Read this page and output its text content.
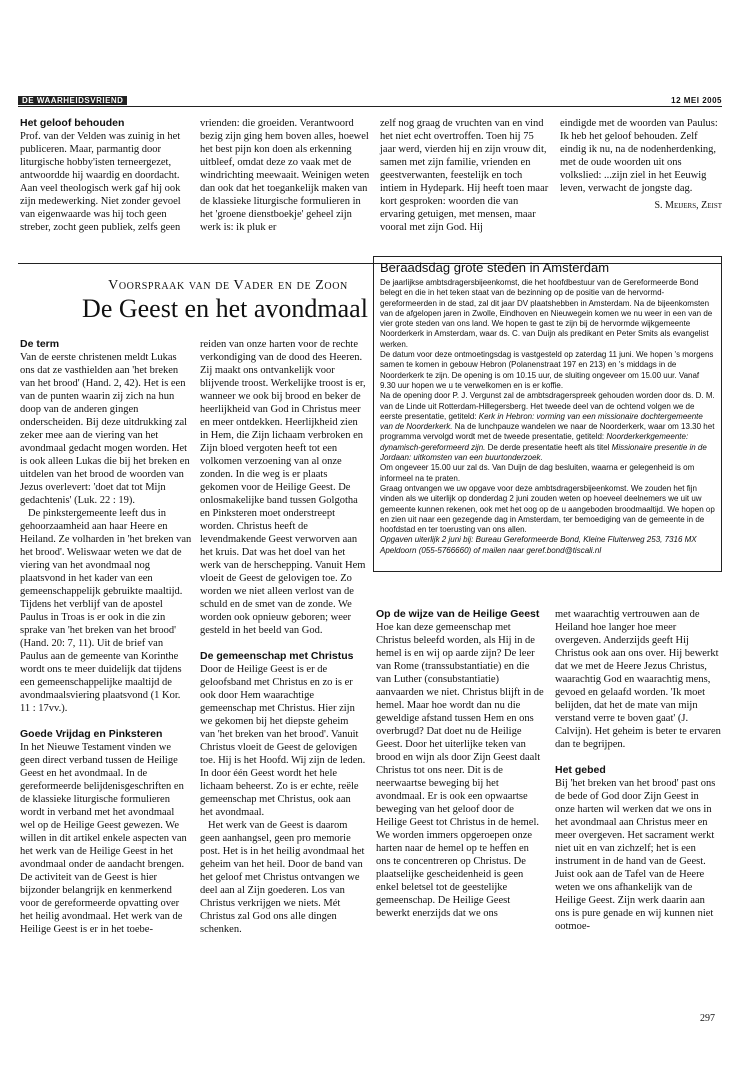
DE WAARHEIDSVRIEND	12 MEI 2005
Het geloof behouden

Prof. van der Velden was zuinig in het publiceren. Maar, parmantig door liturgische hobby'isten terneergezet, antwoordde hij waardig en doordacht. Aan veel theologisch werk gaf hij ook zijn medewerking. Niet zonder gevoel van eigenwaarde was hij toch geen streber, zocht geen publiek, zelfs geen

vrienden: die groeiden. Verantwoord bezig zijn ging hem boven alles, hoewel het best pijn kon doen als erkenning uitbleef, omdat deze zo vaak met de windrichting meewaait. Weinigen weten dan ook dat het toegankelijk maken van de klassieke liturgische formulieren in het 'groene dienstboekje' geheel zijn werk is: ik pluk er

zelf nog graag de vruchten van en vind het niet echt overtroffen. Toen hij 75 jaar werd, vierden hij en zijn vrouw dit, samen met zijn familie, vrienden en geestverwanten, feestelijk en toch intiem in Hydepark. Hij heeft toen maar kort gesproken: woorden die van ervaring getuigen, met mensen, maar vooral met zijn God. Hij

eindigde met de woorden van Paulus: Ik heb het geloof behouden. Zelf eindig ik nu, na de nodenherdenking, met de oude woorden uit ons volkslied: ...zijn ziel in het Eeuwig leven, verwacht de jongste dag.

S. Meijers, Zeist

Voorspraak van de Vader en de Zoon
De Geest en het avondmaal
De term

Van de eerste christenen meldt Lukas ons dat ze vasthielden aan 'het breken van het brood' (Hand. 2, 42). Het is een van de punten waarin zij zich na hun doop van de anderen gingen onderscheiden. Bij deze uitdrukking zal zeker mee aan de viering van het avondmaal gedacht mogen worden. Het is ook alleen Lukas die bij het breken en uitdelen van het brood de woorden van Jezus overlevert: 'doet dat tot Mijn gedachtenis' (Luk. 22 : 19).

De pinkstergemeente leeft dus in gehoorzaamheid aan haar Heere en Heiland. Ze volharden in 'het breken van het brood'. Weliswaar weten we dat de viering van het avondmaal nog plaatsvond in het kader van een gemeenschappelijk gebruikte maaltijd. Tijdens het verblijf van de apostel Paulus in Troas is er ook in die zin sprake van 'het breken van het brood' (Hand. 20: 7, 11). Uit de brief van Paulus aan de gemeente van Korinthe wordt ons te meer duidelijk dat tijdens een gemeenschappelijke maaltijd de avondmaalsviering plaatsvond (1 Kor. 11 : 17vv.).

Goede Vrijdag en Pinksteren

In het Nieuwe Testament vinden we geen direct verband tussen de Heilige Geest en het avondmaal. In de gereformeerde belijdenisgeschriften en de klassieke liturgische formulieren wordt in verband met het avondmaal wel op de Heilige Geest gewezen. We willen in dit artikel enkele aspecten van het werk van de Heilige Geest in het avondmaal onder de aandacht brengen. De activiteit van de Geest is hier bijzonder belangrijk en kenmerkend voor de gereformeerde opvatting over het heilig avondmaal. Het werk van de Heilige Geest is er in het toebe-

reiden van onze harten voor de rechte verkondiging van de dood des Heeren. Zij maakt ons ontvankelijk voor blijvende troost. Werkelijke troost is er, wanneer we ook bij brood en beker de heerlijkheid van God in Christus meer en meer ontdekken. Heerlijkheid zien in Hem, die Zijn lichaam verbroken en Zijn bloed vergoten heeft tot een volkomen verzoening van al onze zonden. In die weg is er plaats gekomen voor de Heilige Geest. De onlosmakelijke band tussen Golgotha en Pinksteren moet onderstreept worden. Christus heeft de levendmakende Geest verworven aan het kruis. Dat was het doel van het werk van de herschepping. Vanuit Hem vloeit de Geest de gelovigen toe. Zo worden we niet alleen verlost van de schuld en de smet van de zonde. We worden ook opnieuw geboren; weer gesteld in het beeld van God.

De gemeenschap met Christus

Door de Heilige Geest is er de geloofsband met Christus en zo is er ook door Hem waarachtige gemeenschap met Christus. Hier zijn we gekomen bij het diepste geheim van 'het breken van het brood'. Vanuit Christus vloeit de Geest de gelovigen toe. Hij is het Hoofd. Wij zijn de leden. In door één Geest wordt het hele lichaam beheerst. Zo is er echte, reële gemeenschap met Christus, ook aan het avondmaal.

Het werk van de Geest is daarom geen aanhangsel, geen pro memorie post. Het is in het heilig avondmaal het geheim van het heil. Door de band van het geloof met Christus ontvangen we deel aan al Zijn goederen. Los van Christus verkrijgen we niets. Mét Christus zal God ons alle dingen schenken.

Op de wijze van de Heilige Geest

Hoe kan deze gemeenschap met Christus beleefd worden, als Hij in de hemel is en wij op aarde zijn? De leer van Rome (transsubstantiatie) en die van Luther (consubstantiatie) aanvaarden we niet. Christus blijft in de hemel. Maar hoe wordt dan nu die geweldige afstand tussen Hem en ons overbrugd? Dat doet nu de Heilige Geest. Door het uiterlijke teken van brood en wijn als door Zijn Geest daalt Christus tot ons neer. Dit is de neerwaartse beweging bij het avondmaal. Er is ook een opwaartse beweging van het geloof door de Heilige Geest tot Christus in de hemel. We worden immers opgeroepen onze harten naar de hemel op te heffen en ons te concentreren op Christus. De plaatselijke gescheidenheid is geen enkel beletsel tot de geestelijke gemeenschap. De Heilige Geest bewerkt enerzijds dat we ons

met waarachtig vertrouwen aan de Heiland hoe langer hoe meer overgeven. Anderzijds geeft Hij Christus ook aan ons over. Hij bewerkt dat we met de Heere Jezus Christus, waarachtig God en waarachtig mens, gevoed en gelaafd worden. 'Ik moet belijden, dat het de mate van mijn verstand verre te boven gaat' (J. Calvijn). Het geheim is beter te ervaren dan te begrijpen.

Het gebed

Bij 'het breken van het brood' past ons de bede of God door Zijn Geest in onze harten wil werken dat we ons in het avondmaal aan Christus meer en meer overgeven. Het sacrament werkt niet uit en van zichzelf; het is een instrument in de hand van de Geest. Juist ook aan de Tafel van de Heere weten we ons afhankelijk van de Heilige Geest. Zijn werk daarin aan ons is pure genade en wij kunnen niet ootmoe-

Beraadsdag grote steden in Amsterdam

De jaarlijkse ambtsdragersbijeenkomst, die het hoofdbestuur van de Gereformeerde Bond belegt en die in het teken staat van de bezinning op de positie van de hervormd-gereformeerden in de stad, zal dit jaar DV plaatshebben in Amsterdam. Na de bijeenkomsten van de afgelopen jaren in Zwolle, Eindhoven en Nieuwegein komen we nu weer in een van de vier grote steden van ons land. We hopen te gast te zijn bij de hervormde wijkgemeente Noorderkerk in Amsterdam, waar ds. C. van Duijn als predikant en Peter Smits als evangelist werken.

De datum voor deze ontmoetingsdag is vastgesteld op zaterdag 11 juni. We hopen 's morgens samen te komen in gebouw Hebron (Polanenstraat 197 en 213) en 's middags in de Noorderkerk te zijn. De opening is om 10.15 uur, de sluiting ongeveer om 15.00 uur. Vanaf 9.30 uur hopen we u te verwelkomen en is er koffie.

Na de opening door P. J. Vergunst zal de ambtsdragerspreek gehouden worden door ds. D. M. van de Linde uit Rotterdam-Hillegersberg. Het tweede deel van de ochtend volgen we de eerste presentatie, getiteld: Kerk in Hebron: vorming van een missionaire dochtergemeente van de Noorderkerk. Na de lunchpauze wandelen we naar de Noorderkerk, waar om 13.30 het programma vervolgd wordt met de tweede presentatie, getiteld: Noorderkerkgemeente: dynamisch-gereformeerd zijn. De derde presentatie heeft als titel Missionaire presentie in de Jordaan: uitkomsten van een buurtonderzoek.

Om ongeveer 15.00 uur zal ds. Van Duijn de dag besluiten, waarna er gelegenheid is om informeel na te praten.

Graag ontvangen we uw opgave voor deze ambtsdragersbijeenkomst. We zouden het fijn vinden als we uiterlijk op donderdag 2 juni zouden weten op hoeveel deelnemers we uit uw gemeente kunnen rekenen, ook met het oog op de u aangeboden broodmaaltijd. We hopen op en zien uit naar een gezegende dag in Amsterdam, ter bemoediging van de gemeente in de hoofdstad en ter toerusting van ons allen.

Opgaven uiterlijk 2 juni bij: Bureau Gereformeerde Bond, Kleine Fluiterweg 253, 7316 MX Apeldoorn (055-5766660) of mailen naar geref.bond@tiscali.nl

297
